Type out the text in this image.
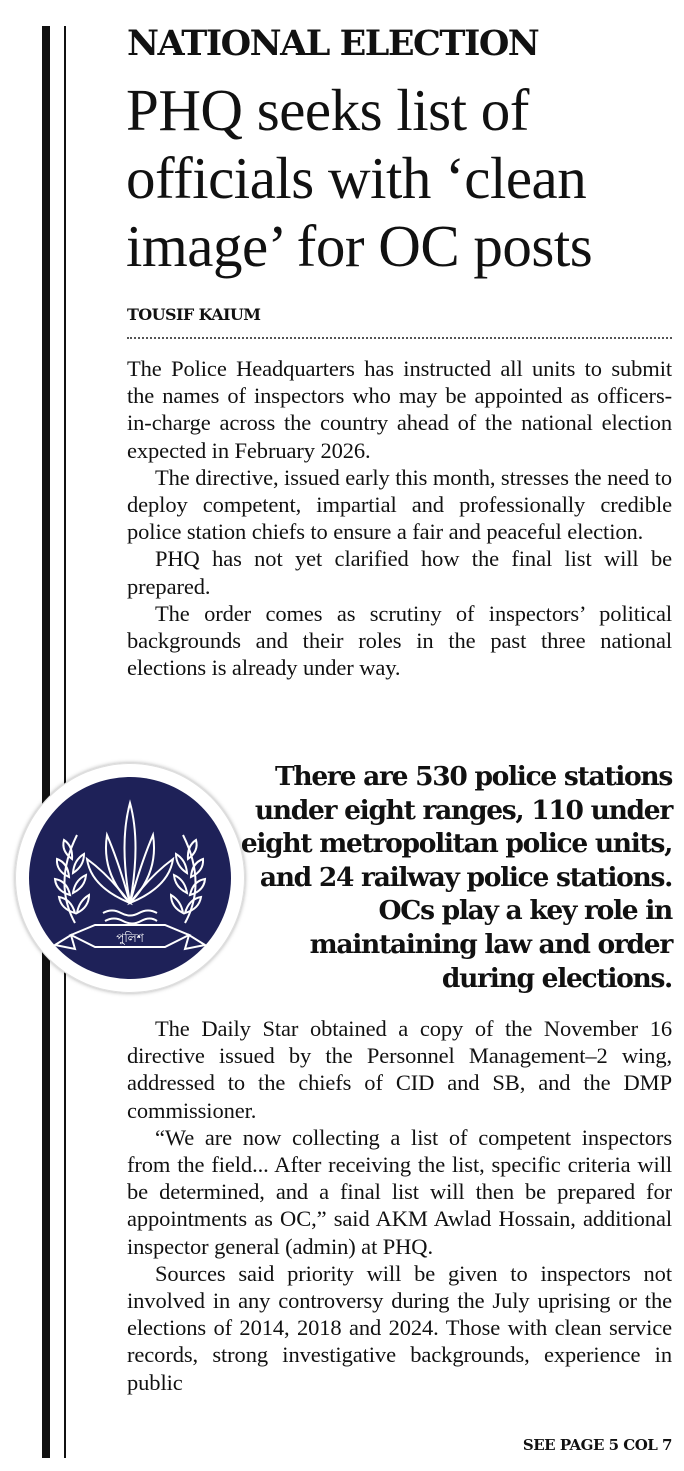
NATIONAL ELECTION
PHQ seeks list of officials with ‘clean image’ for OC posts
TOUSIF KAIUM

The Police Headquarters has instructed all units to submit the names of inspectors who may be appointed as officers-in-charge across the country ahead of the national election expected in February 2026.

The directive, issued early this month, stresses the need to deploy competent, impartial and professionally credible police station chiefs to ensure a fair and peaceful election.

PHQ has not yet clarified how the final list will be prepared.

The order comes as scrutiny of inspectors’ political backgrounds and their roles in the past three national elections is already under way.

পুলিশ
There are 530 police stations under eight ranges, 110 under eight metropolitan police units, and 24 railway police stations. OCs play a key role in maintaining law and order during elections.

The Daily Star obtained a copy of the November 16 directive issued by the Personnel Management–2 wing, addressed to the chiefs of CID and SB, and the DMP commissioner.

“We are now collecting a list of competent inspectors from the field... After receiving the list, specific criteria will be determined, and a final list will then be prepared for appointments as OC,” said AKM Awlad Hossain, additional inspector general (admin) at PHQ.

Sources said priority will be given to inspectors not involved in any controversy during the July uprising or the elections of 2014, 2018 and 2024. Those with clean service records, strong investigative backgrounds, experience in public

SEE PAGE 5 COL 7
